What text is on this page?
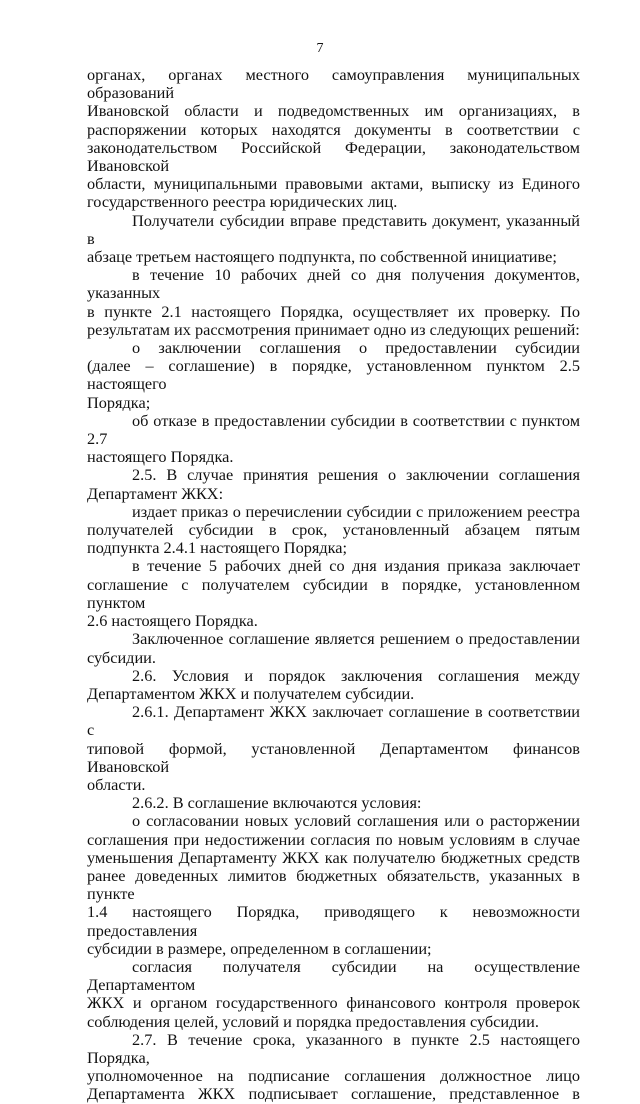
7
органах, органах местного самоуправления муниципальных образований
Ивановской области и подведомственных им организациях, в
распоряжении которых находятся документы в соответствии с
законодательством Российской Федерации, законодательством Ивановской
области, муниципальными правовыми актами, выписку из Единого
государственного реестра юридических лиц.
Получатели субсидии вправе представить документ, указанный в
абзаце третьем настоящего подпункта, по собственной инициативе;
в течение 10 рабочих дней со дня получения документов, указанных
в пункте 2.1 настоящего Порядка, осуществляет их проверку. По
результатам их рассмотрения принимает одно из следующих решений:
о заключении соглашения о предоставлении субсидии
(далее – соглашение) в порядке, установленном пунктом 2.5 настоящего
Порядка;
об отказе в предоставлении субсидии в соответствии с пунктом 2.7
настоящего Порядка.
2.5. В случае принятия решения о заключении соглашения
Департамент ЖКХ:
издает приказ о перечислении субсидии с приложением реестра
получателей субсидии в срок, установленный абзацем пятым
подпункта 2.4.1 настоящего Порядка;
в течение 5 рабочих дней со дня издания приказа заключает
соглашение с получателем субсидии в порядке, установленном пунктом
2.6 настоящего Порядка.
Заключенное соглашение является решением о предоставлении
субсидии.
2.6. Условия и порядок заключения соглашения между
Департаментом ЖКХ и получателем субсидии.
2.6.1. Департамент ЖКХ заключает соглашение в соответствии с
типовой формой, установленной Департаментом финансов Ивановской
области.
2.6.2. В соглашение включаются условия:
о согласовании новых условий соглашения или о расторжении
соглашения при недостижении согласия по новым условиям в случае
уменьшения Департаменту ЖКХ как получателю бюджетных средств
ранее доведенных лимитов бюджетных обязательств, указанных в пункте
1.4 настоящего Порядка, приводящего к невозможности предоставления
субсидии в размере, определенном в соглашении;
согласия получателя субсидии на осуществление Департаментом
ЖКХ и органом государственного финансового контроля проверок
соблюдения целей, условий и порядка предоставления субсидии.
2.7. В течение срока, указанного в пункте 2.5 настоящего Порядка,
уполномоченное на подписание соглашения должностное лицо
Департамента ЖКХ подписывает соглашение, представленное в
